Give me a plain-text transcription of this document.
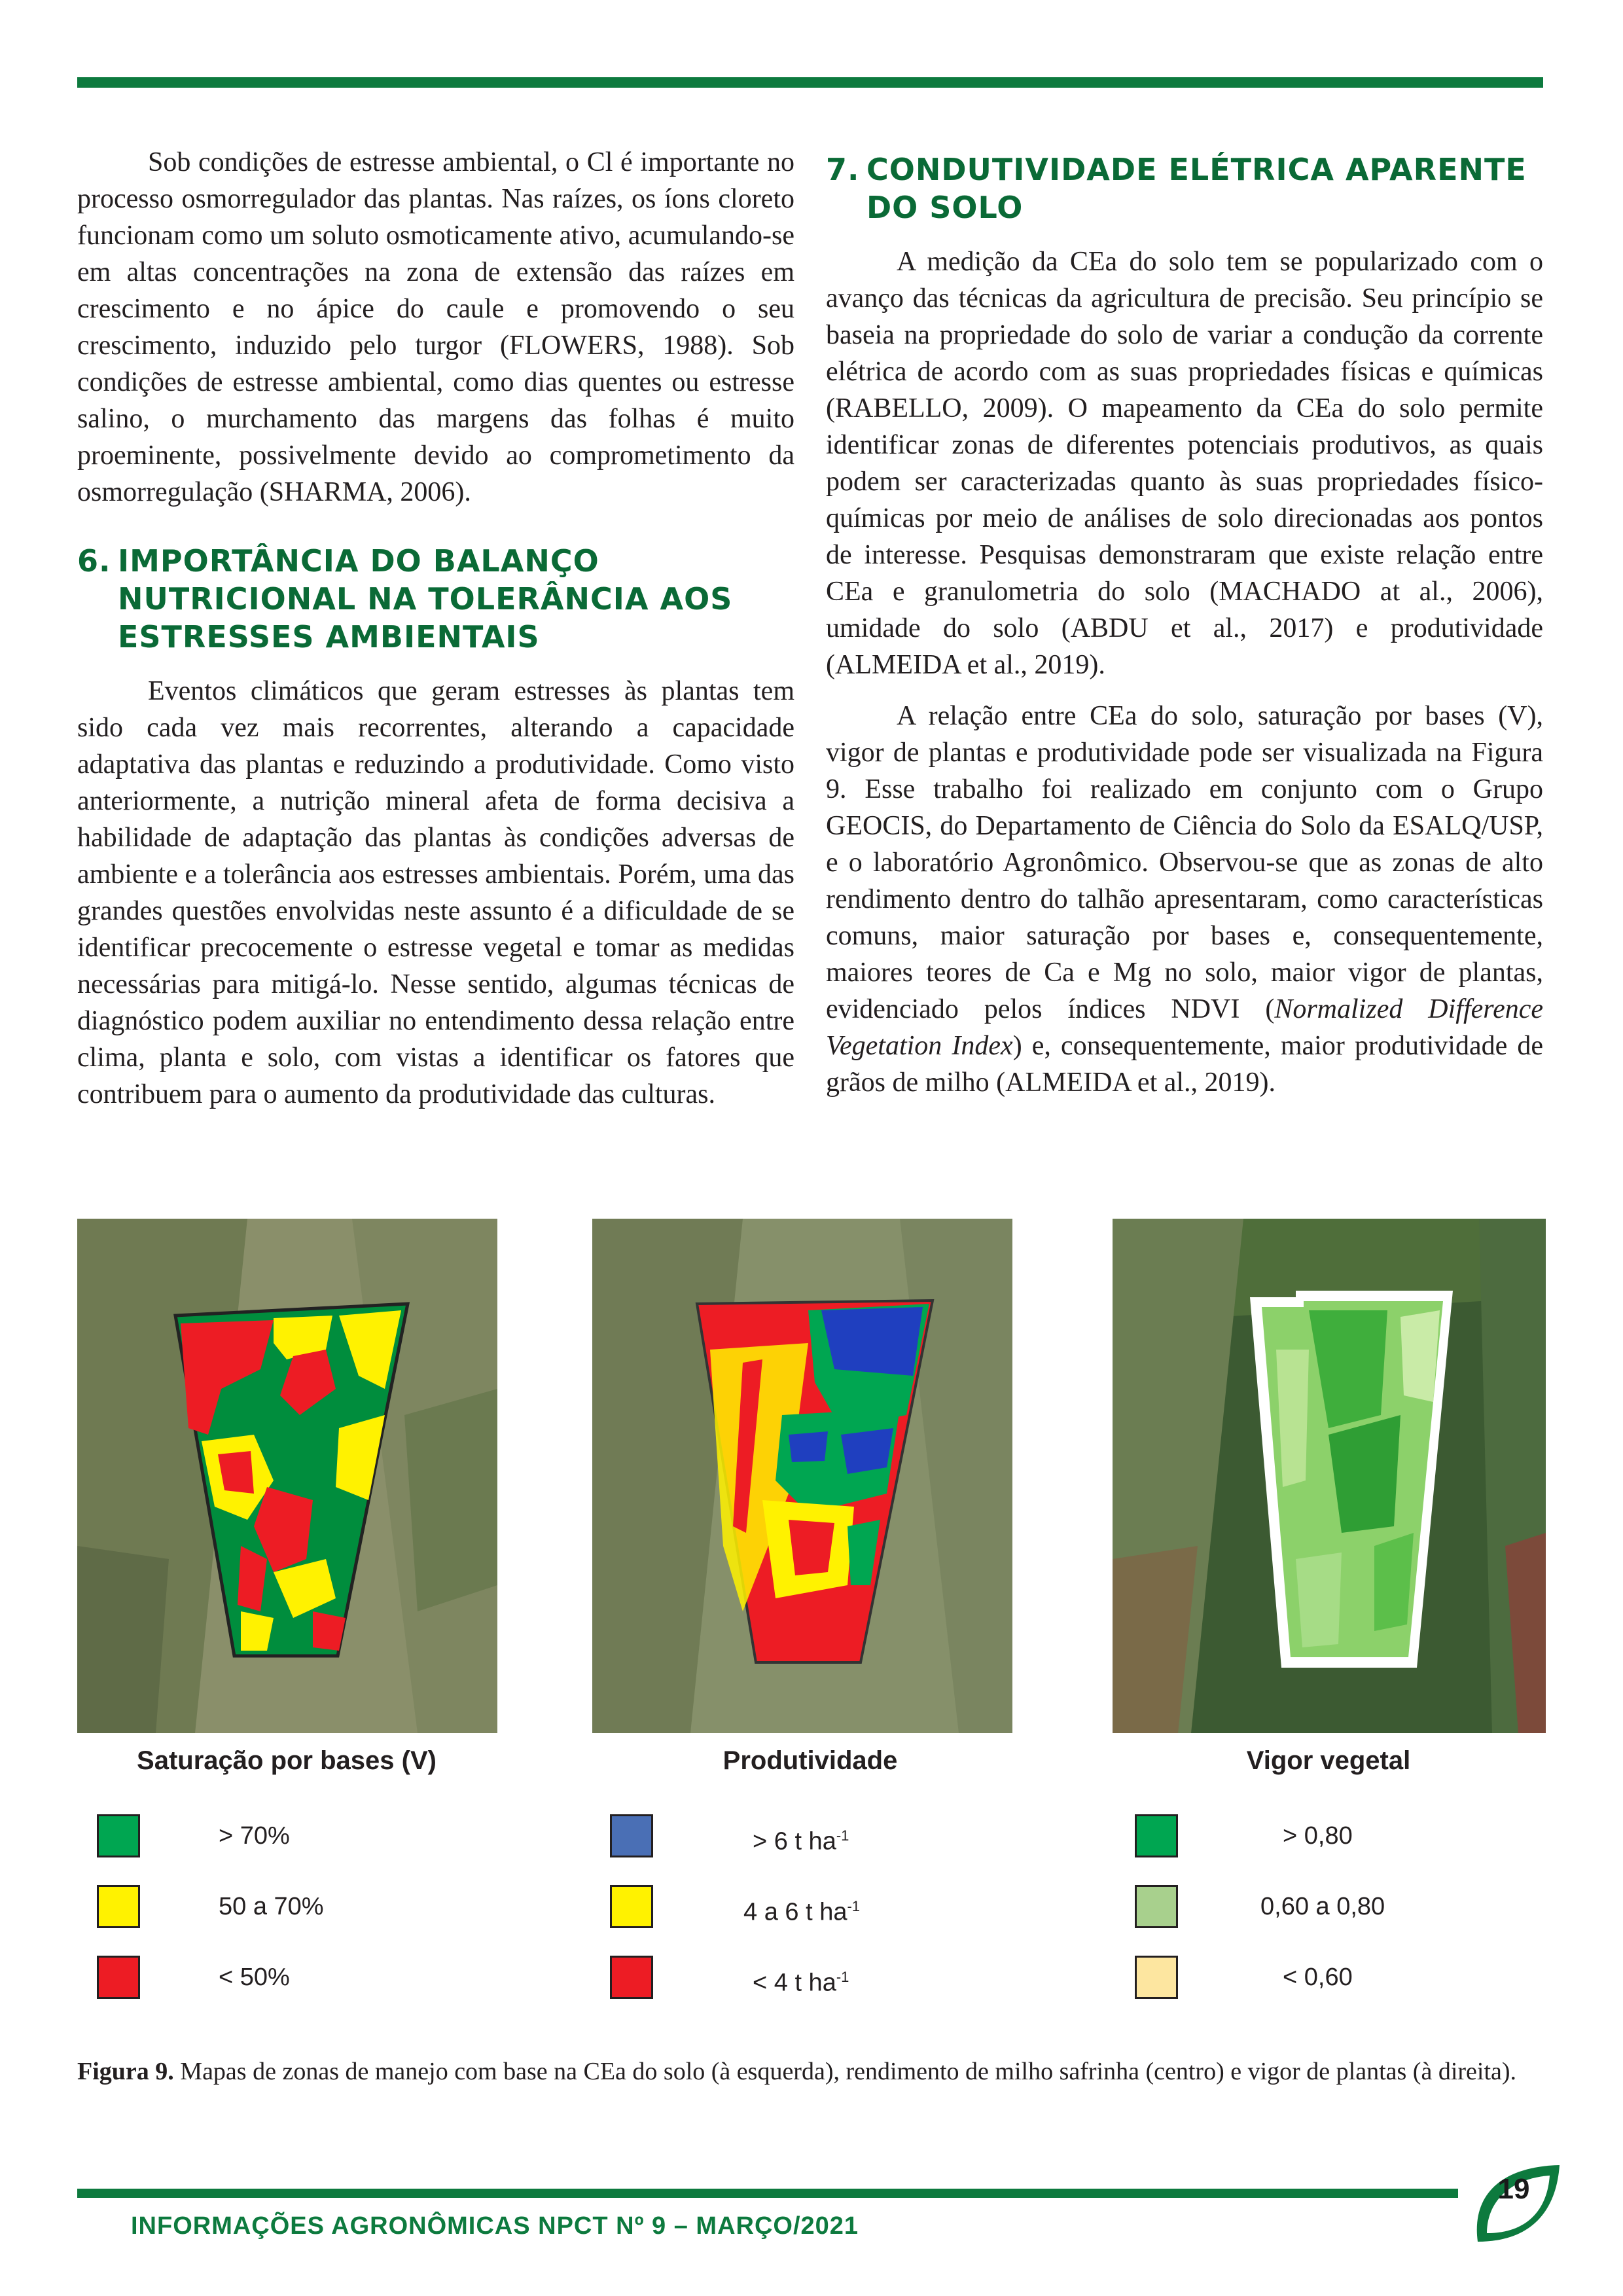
Sob condições de estresse ambiental, o Cl é importante no processo osmorregulador das plantas. Nas raízes, os íons cloreto funcionam como um soluto osmoticamente ativo, acumulando-se em altas concentrações na zona de extensão das raízes em crescimento e no ápice do caule e promovendo o seu crescimento, induzido pelo turgor (FLOWERS, 1988). Sob condições de estresse ambiental, como dias quentes ou estresse salino, o murchamento das margens das folhas é muito proeminente, possivelmente devido ao comprometimento da osmorregulação (SHARMA, 2006).

6. IMPORTÂNCIA DO BALANÇO NUTRICIONAL NA TOLERÂNCIA AOS ESTRESSES AMBIENTAIS

Eventos climáticos que geram estresses às plantas tem sido cada vez mais recorrentes, alterando a capacidade adaptativa das plantas e reduzindo a produtividade. Como visto anteriormente, a nutrição mineral afeta de forma decisiva a habilidade de adaptação das plantas às condições adversas de ambiente e a tolerância aos estresses ambientais. Porém, uma das grandes questões envolvidas neste assunto é a dificuldade de se identificar precocemente o estresse vegetal e tomar as medidas necessárias para mitigá-lo. Nesse sentido, algumas técnicas de diagnóstico podem auxiliar no entendimento dessa relação entre clima, planta e solo, com vistas a identificar os fatores que contribuem para o aumento da produtividade das culturas.

7. CONDUTIVIDADE ELÉTRICA APARENTE DO SOLO

A medição da CEa do solo tem se popularizado com o avanço das técnicas da agricultura de precisão. Seu princípio se baseia na propriedade do solo de variar a condução da corrente elétrica de acordo com as suas propriedades físicas e químicas (RABELLO, 2009). O mapeamento da CEa do solo permite identificar zonas de diferentes potenciais produtivos, as quais podem ser caracterizadas quanto às suas propriedades físico-químicas por meio de análises de solo direcionadas aos pontos de interesse. Pesquisas demonstraram que existe relação entre CEa e granulometria do solo (MACHADO at al., 2006), umidade do solo (ABDU et al., 2017) e produtividade (ALMEIDA et al., 2019).

A relação entre CEa do solo, saturação por bases (V), vigor de plantas e produtividade pode ser visualizada na Figura 9. Esse trabalho foi realizado em conjunto com o Grupo GEOCIS, do Departamento de Ciência do Solo da ESALQ/USP, e o laboratório Agronômico. Observou-se que as zonas de alto rendimento dentro do talhão apresentaram, como características comuns, maior saturação por bases e, consequentemente, maiores teores de Ca e Mg no solo, maior vigor de plantas, evidenciado pelos índices NDVI (Normalized Difference Vegetation Index) e, consequentemente, maior produtividade de grãos de milho (ALMEIDA et al., 2019).

Saturação por bases (V)
> 70%
50 a 70%
< 50%
Produtividade
> 6 t $ha^{-1}$
4 a 6 t $ha^{-1}$
< 4 t $ha^{-1}$
Vigor vegetal
> 0,80
0,60 a 0,80
< 0,60
Figura 9. Mapas de zonas de manejo com base na CEa do solo (à esquerda), rendimento de milho safrinha (centro) e vigor de plantas (à direita).
INFORMAÇÕES AGRONÔMICAS NPCT Nº 9 – MARÇO/2021
19
